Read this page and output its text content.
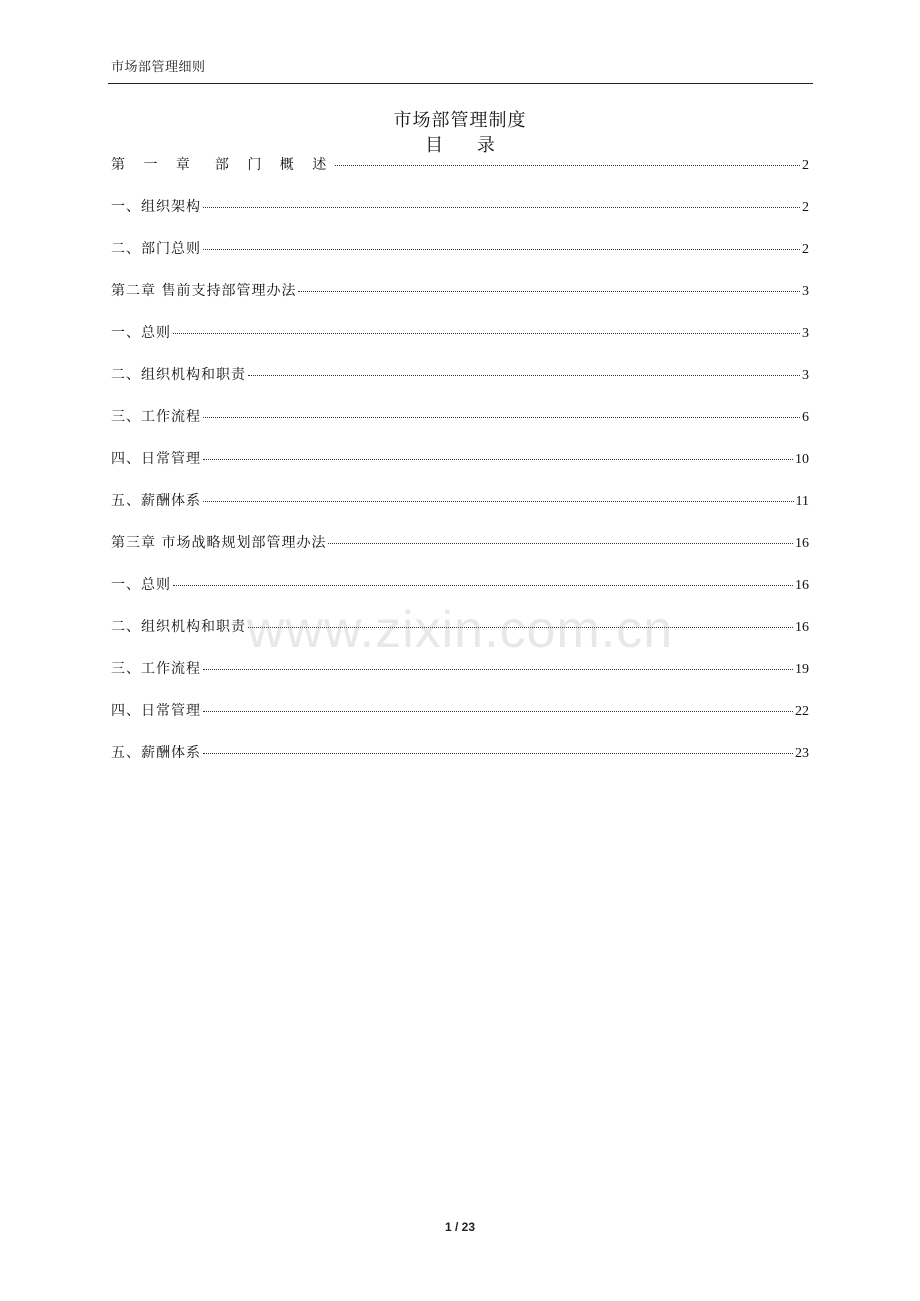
市场部管理细则
市场部管理制度
目 录
第 一 章 部 门 概 述	2
一、组织架构	2
二、部门总则	2
第二章 售前支持部管理办法	3
一、总则	3
二、组织机构和职责	3
三、工作流程	6
四、日常管理	10
五、薪酬体系	11
第三章 市场战略规划部管理办法	16
一、总则	16
二、组织机构和职责	16
三、工作流程	19
四、日常管理	22
五、薪酬体系	23
www.zixin.com.cn
1 / 23
